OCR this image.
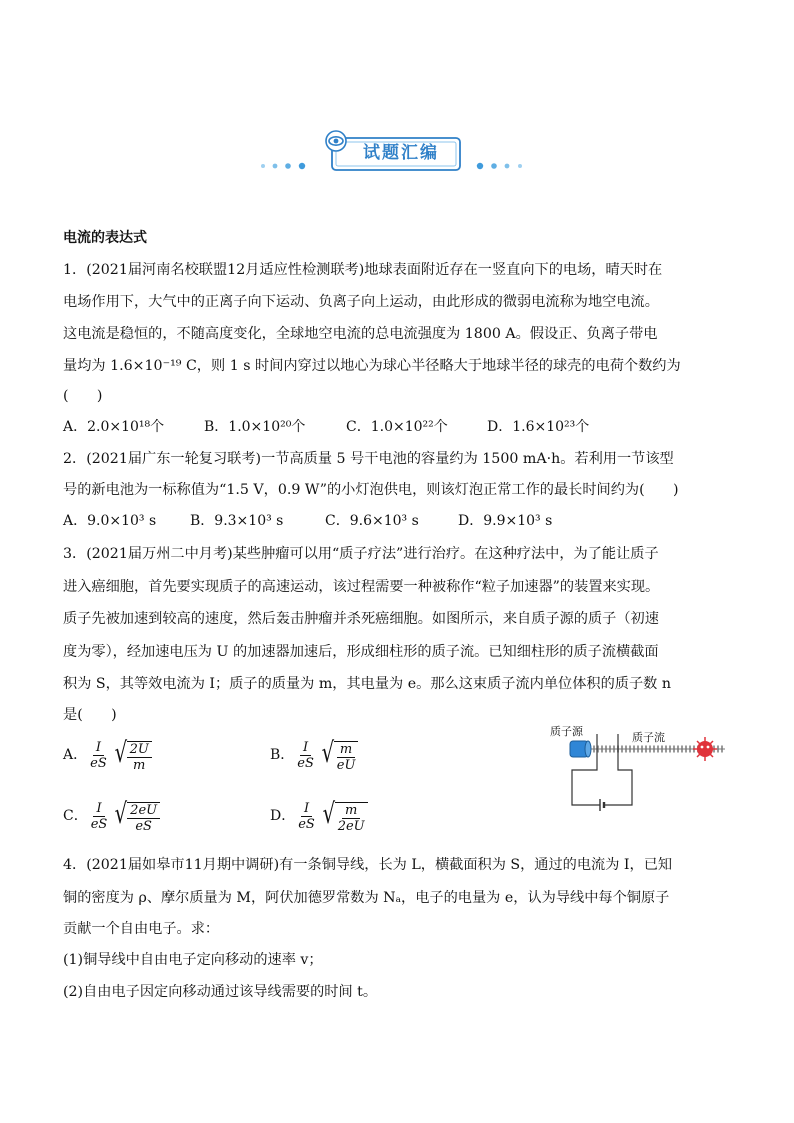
试题汇编
电流的表达式
1．(2021届河南名校联盟12月适应性检测联考)地球表面附近存在一竖直向下的电场，晴天时在
电场作用下，大气中的正离子向下运动、负离子向上运动，由此形成的微弱电流称为地空电流。
这电流是稳恒的，不随高度变化，全球地空电流的总电流强度为 1800 A。假设正、负离子带电
量均为 1.6×10⁻¹⁹ C，则 1 s 时间内穿过以地心为球心半径略大于地球半径的球壳的电荷个数约为
(　　)
A．2.0×10¹⁸个	B．1.0×10²⁰个	C．1.0×10²²个	D．1.6×10²³个
2．(2021届广东一轮复习联考)一节高质量 5 号干电池的容量约为 1500 mA·h。若利用一节该型
号的新电池为一标称值为“1.5 V，0.9 W”的小灯泡供电，则该灯泡正常工作的最长时间约为(　　)
A．9.0×10³ s B．9.3×10³ s	C．9.6×10³ s	D．9.9×10³ s
3．(2021届万州二中月考)某些肿瘤可以用“质子疗法”进行治疗。在这种疗法中，为了能让质子
进入癌细胞，首先要实现质子的高速运动，该过程需要一种被称作“粒子加速器”的装置来实现。
质子先被加速到较高的速度，然后轰击肿瘤并杀死癌细胞。如图所示，来自质子源的质子（初速
度为零），经加速电压为 U 的加速器加速后，形成细柱形的质子流。已知细柱形的质子流横截面
积为 S，其等效电流为 I；质子的质量为 m，其电量为 e。那么这束质子流内单位体积的质子数 n
是(　　)
A． $\frac{I}{eS}$ √ $\frac{2U}{m}$	B． $\frac{I}{eS}$ √ $\frac{m}{eU}$
C． $\frac{I}{eS}$ √ $\frac{2eU}{eS}$	D． $\frac{I}{eS}$ √ $\frac{m}{2eU}$
质子源	质子流
4．(2021届如皋市11月期中调研)有一条铜导线，长为 L，横截面积为 S，通过的电流为 I，已知
铜的密度为 ρ、摩尔质量为 M，阿伏加德罗常数为 Nₐ，电子的电量为 e，认为导线中每个铜原子
贡献一个自由电子。求：
(1)铜导线中自由电子定向移动的速率 v；
(2)自由电子因定向移动通过该导线需要的时间 t。
